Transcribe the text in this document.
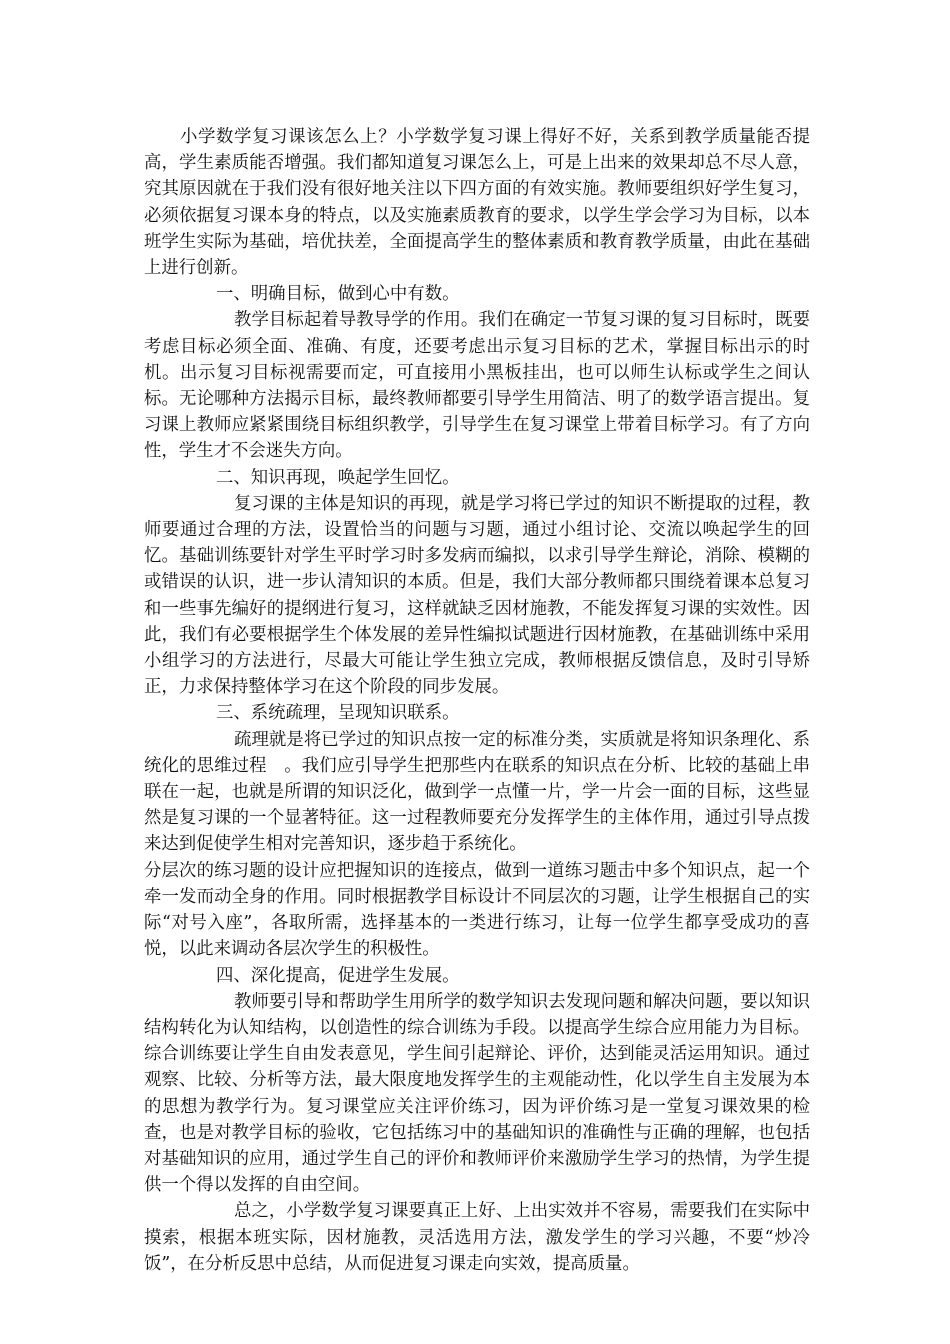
小学数学复习课该怎么上？小学数学复习课上得好不好，关系到教学质量能否提高，学生素质能否增强。我们都知道复习课怎么上，可是上出来的效果却总不尽人意，究其原因就在于我们没有很好地关注以下四方面的有效实施。教师要组织好学生复习，必须依据复习课本身的特点，以及实施素质教育的要求，以学生学会学习为目标，以本班学生实际为基础，培优扶差，全面提高学生的整体素质和教育教学质量，由此在基础上进行创新。

一、明确目标，做到心中有数。

教学目标起着导教导学的作用。我们在确定一节复习课的复习目标时，既要考虑目标必须全面、准确、有度，还要考虑出示复习目标的艺术，掌握目标出示的时机。出示复习目标视需要而定，可直接用小黑板挂出，也可以师生认标或学生之间认标。无论哪种方法揭示目标，最终教师都要引导学生用简洁、明了的数学语言提出。复习课上教师应紧紧围绕目标组织教学，引导学生在复习课堂上带着目标学习。有了方向性，学生才不会迷失方向。

二、知识再现，唤起学生回忆。

复习课的主体是知识的再现，就是学习将已学过的知识不断提取的过程，教师要通过合理的方法，设置恰当的问题与习题，通过小组讨论、交流以唤起学生的回忆。基础训练要针对学生平时学习时多发病而编拟，以求引导学生辩论，消除、模糊的或错误的认识，进一步认清知识的本质。但是，我们大部分教师都只围绕着课本总复习和一些事先编好的提纲进行复习，这样就缺乏因材施教，不能发挥复习课的实效性。因此，我们有必要根据学生个体发展的差异性编拟试题进行因材施教，在基础训练中采用小组学习的方法进行，尽最大可能让学生独立完成，教师根据反馈信息，及时引导矫正，力求保持整体学习在这个阶段的同步发展。

三、系统疏理，呈现知识联系。

疏理就是将已学过的知识点按一定的标准分类，实质就是将知识条理化、系统化的思维过程　。我们应引导学生把那些内在联系的知识点在分析、比较的基础上串联在一起，也就是所谓的知识泛化，做到学一点懂一片，学一片会一面的目标，这些显然是复习课的一个显著特征。这一过程教师要充分发挥学生的主体作用，通过引导点拨来达到促使学生相对完善知识，逐步趋于系统化。

分层次的练习题的设计应把握知识的连接点，做到一道练习题击中多个知识点，起一个牵一发而动全身的作用。同时根据教学目标设计不同层次的习题，让学生根据自己的实际“对号入座”，各取所需，选择基本的一类进行练习，让每一位学生都享受成功的喜悦，以此来调动各层次学生的积极性。

四、深化提高，促进学生发展。

教师要引导和帮助学生用所学的数学知识去发现问题和解决问题，要以知识结构转化为认知结构，以创造性的综合训练为手段。以提高学生综合应用能力为目标。综合训练要让学生自由发表意见，学生间引起辩论、评价，达到能灵活运用知识。通过观察、比较、分析等方法，最大限度地发挥学生的主观能动性，化以学生自主发展为本的思想为教学行为。复习课堂应关注评价练习，因为评价练习是一堂复习课效果的检查，也是对教学目标的验收，它包括练习中的基础知识的准确性与正确的理解，也包括对基础知识的应用，通过学生自己的评价和教师评价来激励学生学习的热情，为学生提供一个得以发挥的自由空间。

总之，小学数学复习课要真正上好、上出实效并不容易，需要我们在实际中摸索，根据本班实际，因材施教，灵活选用方法，激发学生的学习兴趣，不要“炒冷饭”，在分析反思中总结，从而促进复习课走向实效，提高质量。
